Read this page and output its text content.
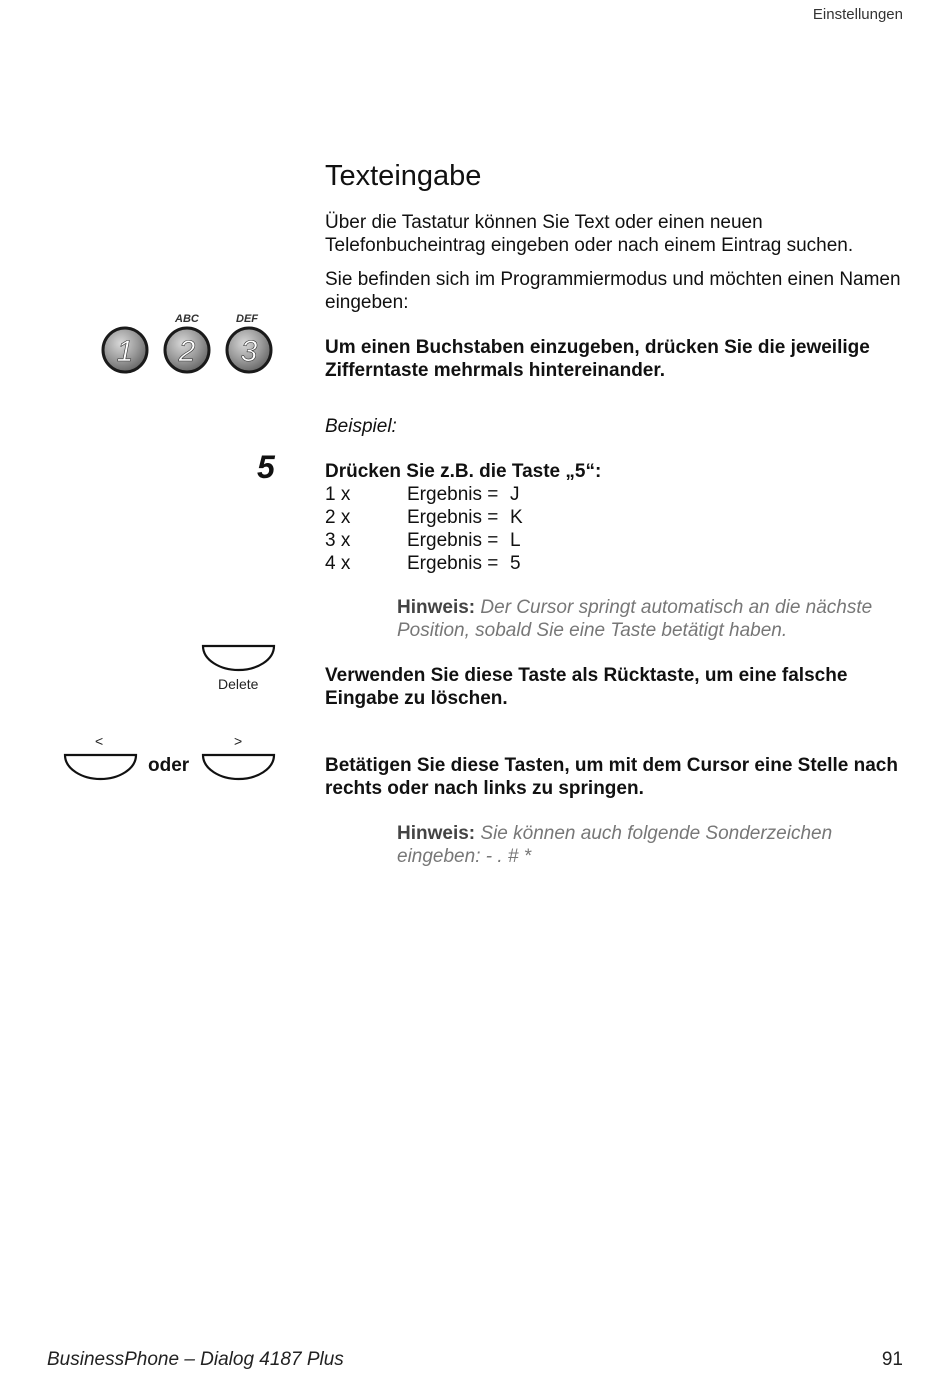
Einstellungen
Texteingabe
Über die Tastatur können Sie Text oder einen neuen Telefonbucheintrag eingeben oder nach einem Eintrag suchen.
Sie befinden sich im Programmiermodus und möchten einen Namen eingeben:
ABC	DEF
1 2 3	Um einen Buchstaben einzugeben, drücken Sie die jeweilige Zifferntaste mehrmals hintereinander.
Beispiel:
5	Drücken Sie z.B. die Taste „5“:
1 x	Ergebnis = J
2 x	Ergebnis = K
3 x	Ergebnis = L
4 x	Ergebnis = 5
Hinweis: Der Cursor springt automatisch an die nächste Position, sobald Sie eine Taste betätigt haben.
Delete	Verwenden Sie diese Taste als Rücktaste, um eine falsche Eingabe zu löschen.
<	>
oder	Betätigen Sie diese Tasten, um mit dem Cursor eine Stelle nach rechts oder nach links zu springen.
Hinweis: Sie können auch folgende Sonderzeichen eingeben: - . # *
BusinessPhone – Dialog 4187 Plus	91
